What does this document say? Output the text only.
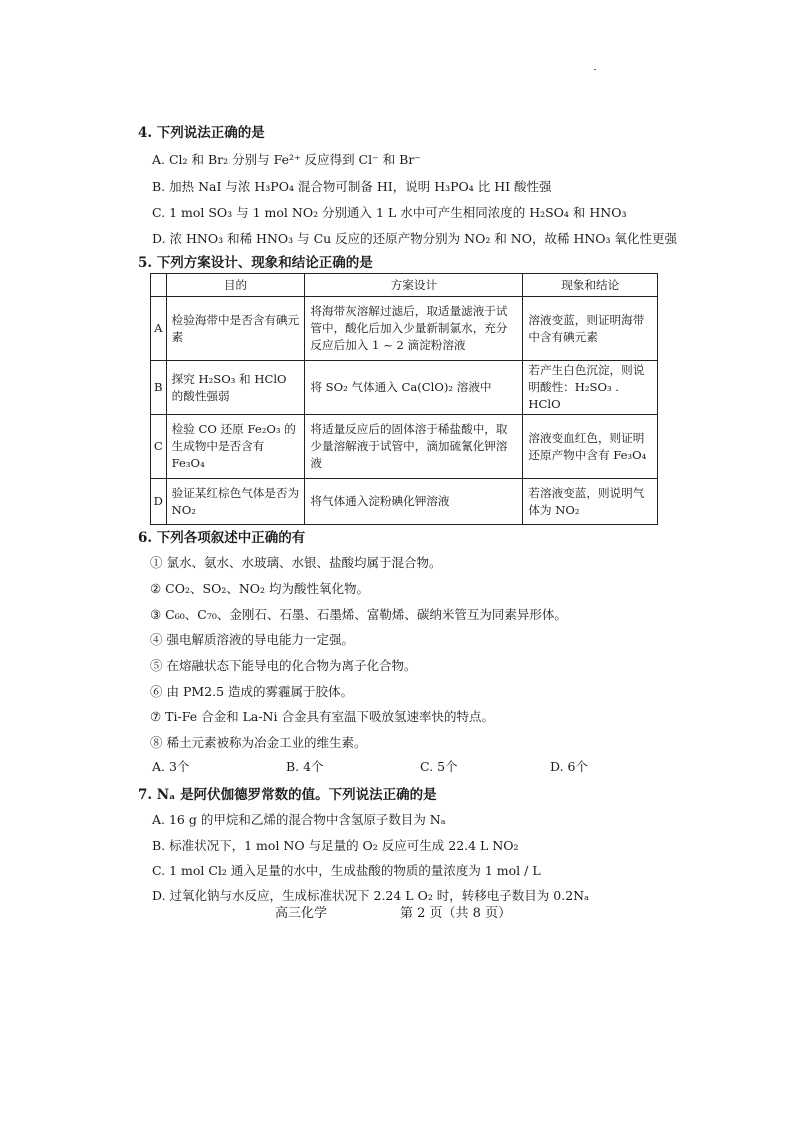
4. 下列说法正确的是
A. Cl₂ 和 Br₂ 分别与 Fe²⁺ 反应得到 Cl⁻ 和 Br⁻
B. 加热 NaI 与浓 H₃PO₄ 混合物可制备 HI，说明 H₃PO₄ 比 HI 酸性强
C. 1 mol SO₃ 与 1 mol NO₂ 分别通入 1 L 水中可产生相同浓度的 H₂SO₄ 和 HNO₃
D. 浓 HNO₃ 和稀 HNO₃ 与 Cu 反应的还原产物分别为 NO₂ 和 NO，故稀 HNO₃ 氧化性更强
5. 下列方案设计、现象和结论正确的是
	目的	方案设计	现象和结论
A	检验海带中是否含有碘元素	将海带灰溶解过滤后，取适量滤液于试管中，酸化后加入少量新制氯水，充分反应后加入 1 ~ 2 滴淀粉溶液	溶液变蓝，则证明海带中含有碘元素
B	探究 H₂SO₃ 和 HClO 的酸性强弱	将 SO₂ 气体通入 Ca(ClO)₂ 溶液中	若产生白色沉淀，则说明酸性：H₂SO₃ . HClO
C	检验 CO 还原 Fe₂O₃ 的生成物中是否含有 Fe₃O₄	将适量反应后的固体溶于稀盐酸中，取少量溶解液于试管中，滴加硫氰化钾溶液	溶液变血红色，则证明还原产物中含有 Fe₃O₄
D	验证某红棕色气体是否为 NO₂	将气体通入淀粉碘化钾溶液	若溶液变蓝，则说明气体为 NO₂
6. 下列各项叙述中正确的有
① 氯水、氨水、水玻璃、水银、盐酸均属于混合物。
② CO₂、SO₂、NO₂ 均为酸性氧化物。
③ C₆₀、C₇₀、金刚石、石墨、石墨烯、富勒烯、碳纳米管互为同素异形体。
④ 强电解质溶液的导电能力一定强。
⑤ 在熔融状态下能导电的化合物为离子化合物。
⑥ 由 PM2.5 造成的雾霾属于胶体。
⑦ Ti-Fe 合金和 La-Ni 合金具有室温下吸放氢速率快的特点。
⑧ 稀土元素被称为冶金工业的维生素。
A. 3个	B. 4个	C. 5个	D. 6个
7. Nₐ 是阿伏伽德罗常数的值。下列说法正确的是
A. 16 g 的甲烷和乙烯的混合物中含氢原子数目为 Nₐ
B. 标准状况下，1 mol NO 与足量的 O₂ 反应可生成 22.4 L NO₂
C. 1 mol Cl₂ 通入足量的水中，生成盐酸的物质的量浓度为 1 mol / L
D. 过氧化钠与水反应，生成标准状况下 2.24 L O₂ 时，转移电子数目为 0.2Nₐ
高三化学	第 2 页（共 8 页）
